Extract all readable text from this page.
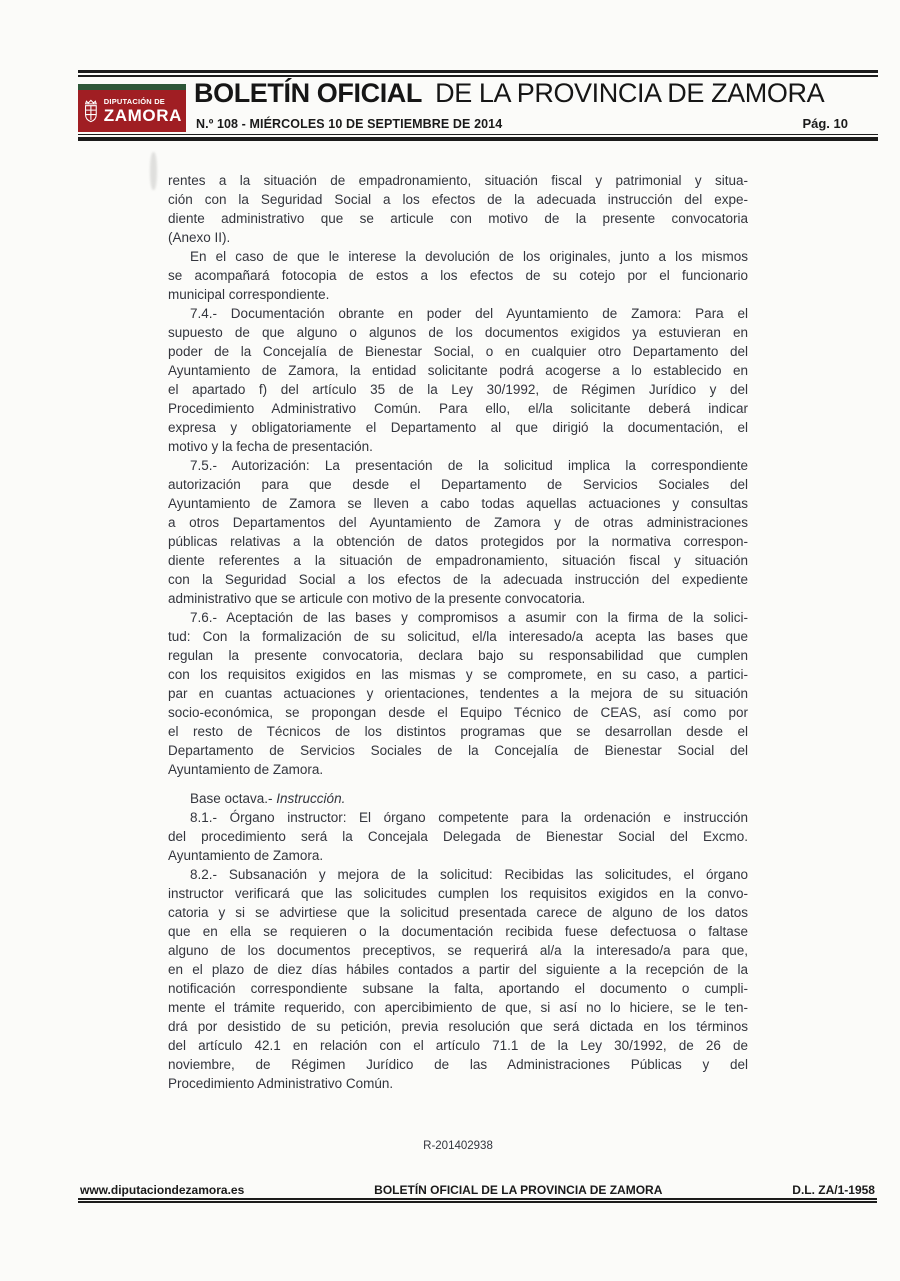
DIPUTACIÓN DE
ZAMORA
BOLETÍN OFICIAL DE LA PROVINCIA DE ZAMORA
N.º 108 - MIÉRCOLES 10 DE SEPTIEMBRE DE 2014	Pág. 10
rentes a la situación de empadronamiento, situación fiscal y patrimonial y situa-
ción con la Seguridad Social a los efectos de la adecuada instrucción del expe-
diente administrativo que se articule con motivo de la presente convocatoria
(Anexo II).
En el caso de que le interese la devolución de los originales, junto a los mismos
se acompañará fotocopia de estos a los efectos de su cotejo por el funcionario
municipal correspondiente.
7.4.- Documentación obrante en poder del Ayuntamiento de Zamora: Para el
supuesto de que alguno o algunos de los documentos exigidos ya estuvieran en
poder de la Concejalía de Bienestar Social, o en cualquier otro Departamento del
Ayuntamiento de Zamora, la entidad solicitante podrá acogerse a lo establecido en
el apartado f) del artículo 35 de la Ley 30/1992, de Régimen Jurídico y del
Procedimiento Administrativo Común. Para ello, el/la solicitante deberá indicar
expresa y obligatoriamente el Departamento al que dirigió la documentación, el
motivo y la fecha de presentación.
7.5.- Autorización: La presentación de la solicitud implica la correspondiente
autorización para que desde el Departamento de Servicios Sociales del
Ayuntamiento de Zamora se lleven a cabo todas aquellas actuaciones y consultas
a otros Departamentos del Ayuntamiento de Zamora y de otras administraciones
públicas relativas a la obtención de datos protegidos por la normativa correspon-
diente referentes a la situación de empadronamiento, situación fiscal y situación
con la Seguridad Social a los efectos de la adecuada instrucción del expediente
administrativo que se articule con motivo de la presente convocatoria.
7.6.- Aceptación de las bases y compromisos a asumir con la firma de la solici-
tud: Con la formalización de su solicitud, el/la interesado/a acepta las bases que
regulan la presente convocatoria, declara bajo su responsabilidad que cumplen
con los requisitos exigidos en las mismas y se compromete, en su caso, a partici-
par en cuantas actuaciones y orientaciones, tendentes a la mejora de su situación
socio-económica, se propongan desde el Equipo Técnico de CEAS, así como por
el resto de Técnicos de los distintos programas que se desarrollan desde el
Departamento de Servicios Sociales de la Concejalía de Bienestar Social del
Ayuntamiento de Zamora.
Base octava.- Instrucción.
8.1.- Órgano instructor: El órgano competente para la ordenación e instrucción
del procedimiento será la Concejala Delegada de Bienestar Social del Excmo.
Ayuntamiento de Zamora.
8.2.- Subsanación y mejora de la solicitud: Recibidas las solicitudes, el órgano
instructor verificará que las solicitudes cumplen los requisitos exigidos en la convo-
catoria y si se advirtiese que la solicitud presentada carece de alguno de los datos
que en ella se requieren o la documentación recibida fuese defectuosa o faltase
alguno de los documentos preceptivos, se requerirá al/a la interesado/a para que,
en el plazo de diez días hábiles contados a partir del siguiente a la recepción de la
notificación correspondiente subsane la falta, aportando el documento o cumpli-
mente el trámite requerido, con apercibimiento de que, si así no lo hiciere, se le ten-
drá por desistido de su petición, previa resolución que será dictada en los términos
del artículo 42.1 en relación con el artículo 71.1 de la Ley 30/1992, de 26 de
noviembre, de Régimen Jurídico de las Administraciones Públicas y del
Procedimiento Administrativo Común.
R-201402938
www.diputaciondezamora.es	BOLETÍN OFICIAL DE LA PROVINCIA DE ZAMORA	D.L. ZA/1-1958
